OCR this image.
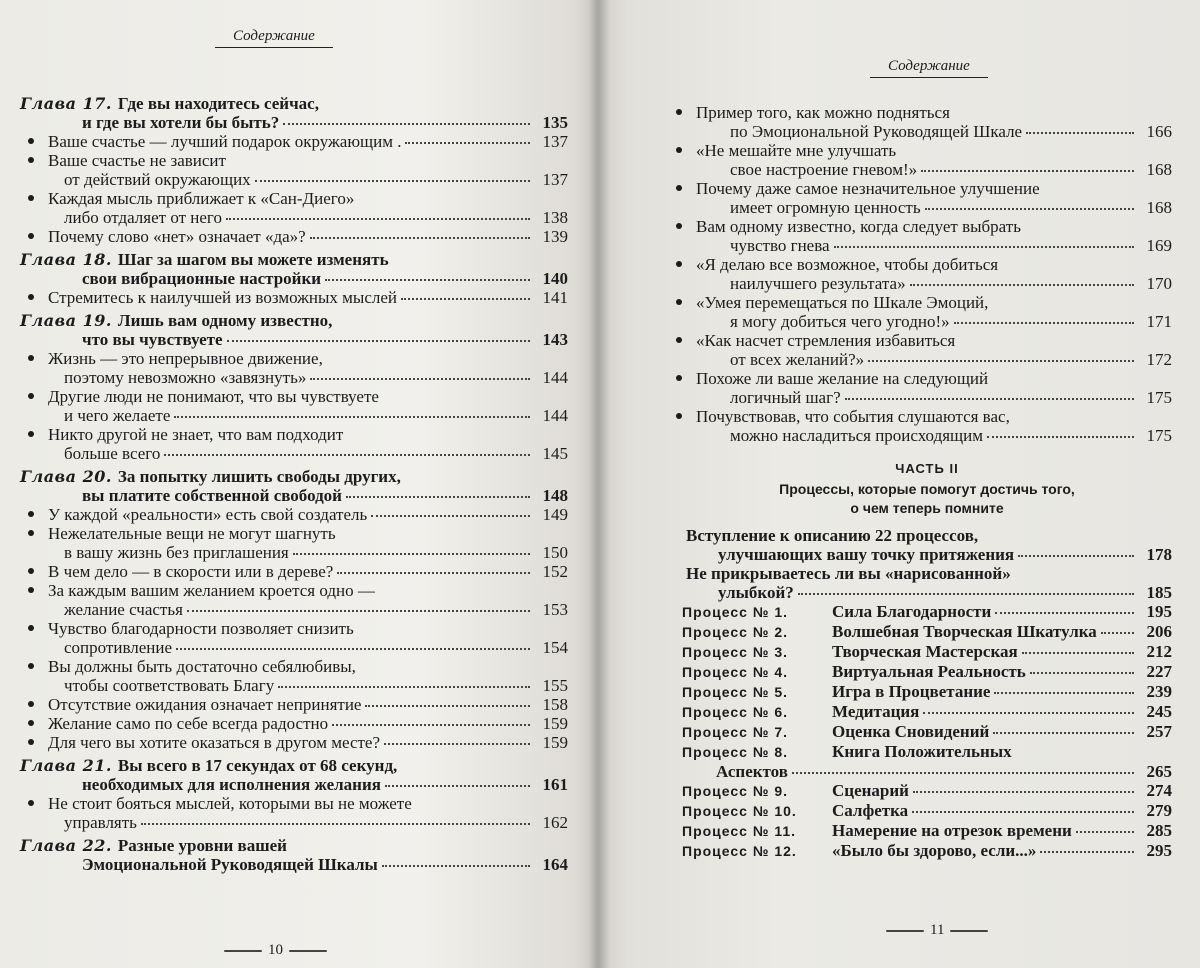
Содержание
Глава 17. Где вы находитесь сейчас,
и где вы хотели бы быть?	135
Ваше счастье — лучший подарок окружающим .	137
Ваше счастье не зависит
от действий окружающих	137
Каждая мысль приближает к «Сан-Диего»
либо отдаляет от него	138
Почему слово «нет» означает «да»?	139
Глава 18. Шаг за шагом вы можете изменять
свои вибрационные настройки	140
Стремитесь к наилучшей из возможных мыслей	141
Глава 19. Лишь вам одному известно,
что вы чувствуете	143
Жизнь — это непрерывное движение,
поэтому невозможно «завязнуть»	144
Другие люди не понимают, что вы чувствуете
и чего желаете	144
Никто другой не знает, что вам подходит
больше всего	145
Глава 20. За попытку лишить свободы других,
вы платите собственной свободой	148
У каждой «реальности» есть свой создатель	149
Нежелательные вещи не могут шагнуть
в вашу жизнь без приглашения	150
В чем дело — в скорости или в дереве?	152
За каждым вашим желанием кроется одно —
желание счастья	153
Чувство благодарности позволяет снизить
сопротивление	154
Вы должны быть достаточно себялюбивы,
чтобы соответствовать Благу	155
Отсутствие ожидания означает непринятие	158
Желание само по себе всегда радостно	159
Для чего вы хотите оказаться в другом месте?	159
Глава 21. Вы всего в 17 секундах от 68 секунд,
необходимых для исполнения желания	161
Не стоит бояться мыслей, которыми вы не можете
управлять	162
Глава 22. Разные уровни вашей
Эмоциональной Руководящей Шкалы	164
10
Содержание
Пример того, как можно подняться
по Эмоциональной Руководящей Шкале	166
«Не мешайте мне улучшать
свое настроение гневом!»	168
Почему даже самое незначительное улучшение
имеет огромную ценность	168
Вам одному известно, когда следует выбрать
чувство гнева	169
«Я делаю все возможное, чтобы добиться
наилучшего результата»	170
«Умея перемещаться по Шкале Эмоций,
я могу добиться чего угодно!»	171
«Как насчет стремления избавиться
от всех желаний?»	172
Похоже ли ваше желание на следующий
логичный шаг?	175
Почувствовав, что события слушаются вас,
можно насладиться происходящим	175
ЧАСТЬ II
Процессы, которые помогут достичь того,
о чем теперь помните
Вступление к описанию 22 процессов,
улучшающих вашу точку притяжения	178
Не прикрываетесь ли вы «нарисованной»
улыбкой?	185
Процесс № 1.	Сила Благодарности	195
Процесс № 2.	Волшебная Творческая Шкатулка	206
Процесс № 3.	Творческая Мастерская	212
Процесс № 4.	Виртуальная Реальность	227
Процесс № 5.	Игра в Процветание	239
Процесс № 6.	Медитация	245
Процесс № 7.	Оценка Сновидений	257
Процесс № 8.	Книга Положительных
Аспектов	265
Процесс № 9.	Сценарий	274
Процесс № 10. Салфетка	279
Процесс № 11. Намерение на отрезок времени	285
Процесс № 12. «Было бы здорово, если...»	295
11
